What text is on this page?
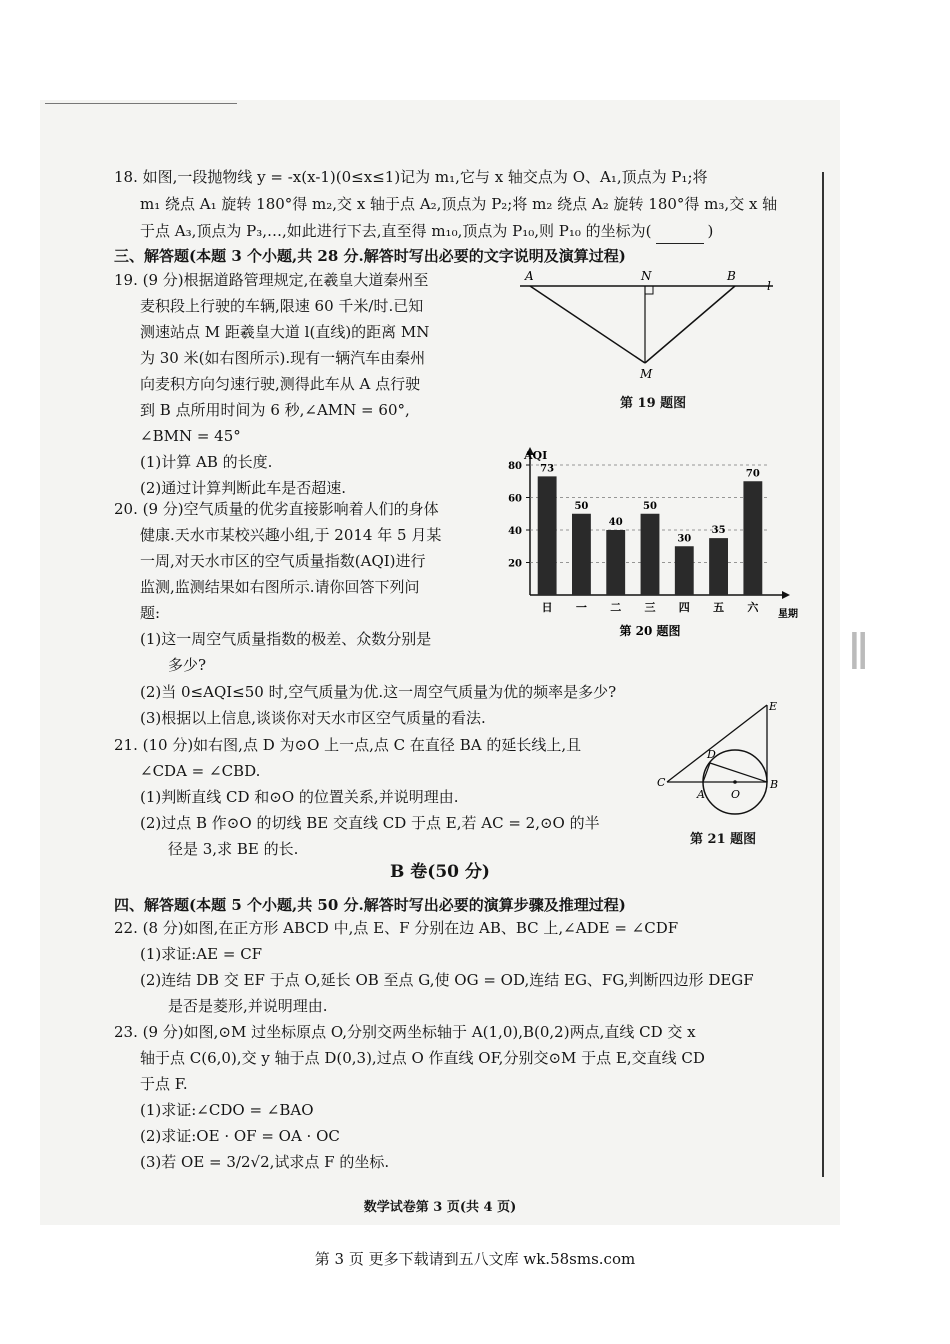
∥
18. 如图,一段抛物线 y = -x(x-1)(0≤x≤1)记为 m₁,它与 x 轴交点为 O、A₁,顶点为 P₁;将
m₁ 绕点 A₁ 旋转 180°得 m₂,交 x 轴于点 A₂,顶点为 P₂;将 m₂ 绕点 A₂ 旋转 180°得 m₃,交 x 轴
于点 A₃,顶点为 P₃,…,如此进行下去,直至得 m₁₀,顶点为 P₁₀,则 P₁₀ 的坐标为(	)
三、解答题(本题 3 个小题,共 28 分.解答时写出必要的文字说明及演算过程)
19. (9 分)根据道路管理规定,在羲皇大道秦州至
麦积段上行驶的车辆,限速 60 千米/时.已知
测速站点 M 距羲皇大道 l(直线)的距离 MN
为 30 米(如右图所示).现有一辆汽车由秦州
向麦积方向匀速行驶,测得此车从 A 点行驶
到 B 点所用时间为 6 秒,∠AMN = 60°,
∠BMN = 45°
(1)计算 AB 的长度.
(2)通过计算判断此车是否超速.
A	N	B
l
M
第 19 题图
20. (9 分)空气质量的优劣直接影响着人们的身体
健康.天水市某校兴趣小组,于 2014 年 5 月某
一周,对天水市区的空气质量指数(AQI)进行
监测,监测结果如右图所示.请你回答下列问
题:
(1)这一周空气质量指数的极差、众数分别是
多少?
(2)当 0≤AQI≤50 时,空气质量为优.这一周空气质量为优的频率是多少?
(3)根据以上信息,谈谈你对天水市区空气质量的看法.
AQI
星期
20
40
60
80 73
日
50
一
40
二
50
三
30
四
35
五
70
六
第 20 题图
21. (10 分)如右图,点 D 为⊙O 上一点,点 C 在直径 BA 的延长线上,且
∠CDA = ∠CBD.
(1)判断直线 CD 和⊙O 的位置关系,并说明理由.
(2)过点 B 作⊙O 的切线 BE 交直线 CD 于点 E,若 AC = 2,⊙O 的半
径是 3,求 BE 的长.
E
D
C
A O
B
第 21 题图
B 卷(50 分)
四、解答题(本题 5 个小题,共 50 分.解答时写出必要的演算步骤及推理过程)
22. (8 分)如图,在正方形 ABCD 中,点 E、F 分别在边 AB、BC 上,∠ADE = ∠CDF
(1)求证:AE = CF
(2)连结 DB 交 EF 于点 O,延长 OB 至点 G,使 OG = OD,连结 EG、FG,判断四边形 DEGF
是否是菱形,并说明理由.
23. (9 分)如图,⊙M 过坐标原点 O,分别交两坐标轴于 A(1,0),B(0,2)两点,直线 CD 交 x
轴于点 C(6,0),交 y 轴于点 D(0,3),过点 O 作直线 OF,分别交⊙M 于点 E,交直线 CD
于点 F.
(1)求证:∠CDO = ∠BAO
(2)求证:OE · OF = OA · OC
(3)若 OE = 3/2√2,试求点 F 的坐标.
数学试卷第 3 页(共 4 页)
第 3 页 更多下载请到五八文库 wk.58sms.com
